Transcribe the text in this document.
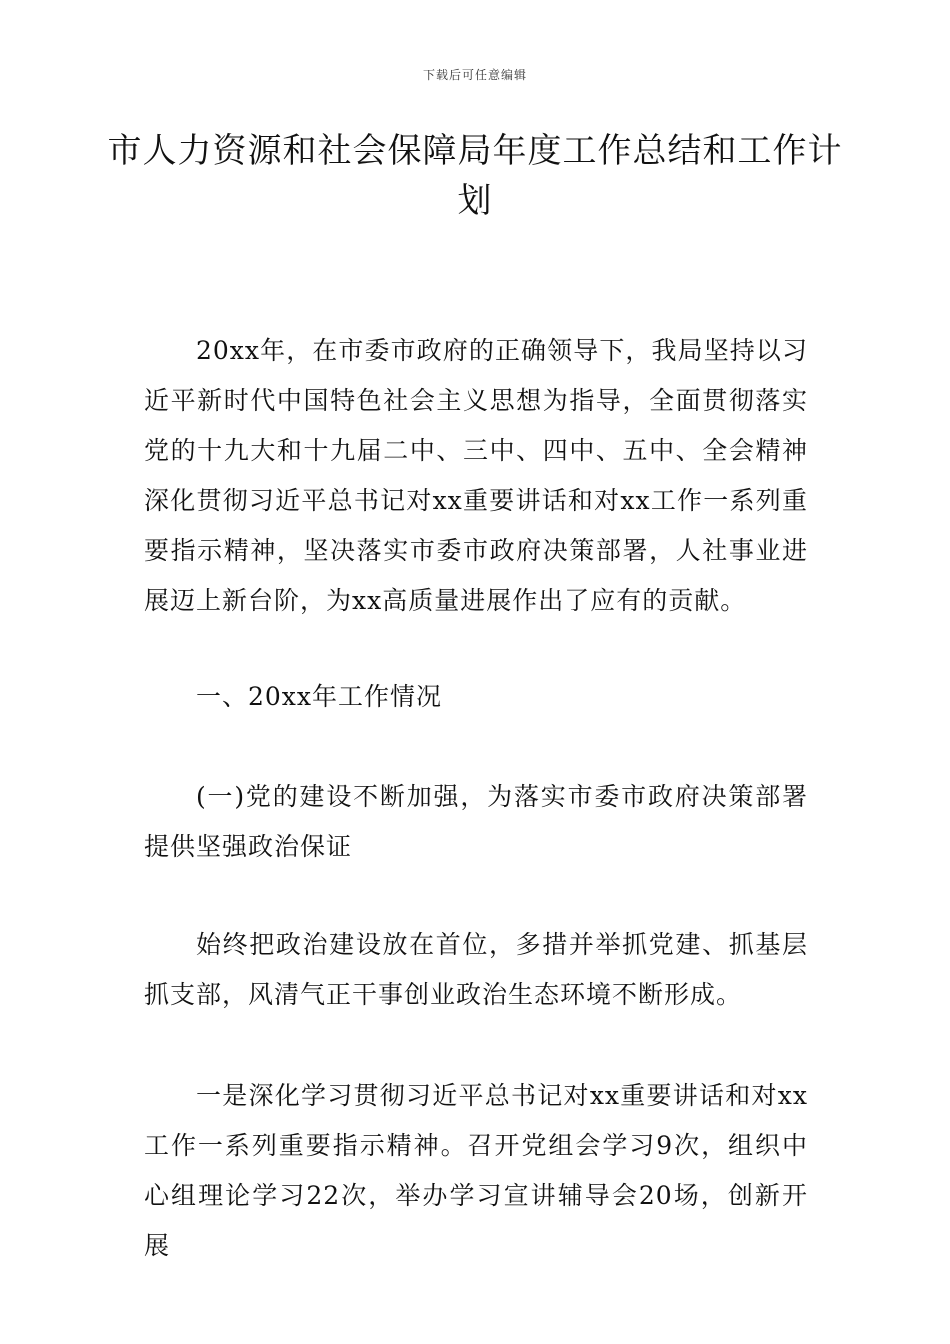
下载后可任意编辑
市人力资源和社会保障局年度工作总结和工作计划

20xx年，在市委市政府的正确领导下，我局坚持以习近平新时代中国特色社会主义思想为指导，全面贯彻落实党的十九大和十九届二中、三中、四中、五中、全会精神深化贯彻习近平总书记对xx重要讲话和对xx工作一系列重要指示精神，坚决落实市委市政府决策部署，人社事业进展迈上新台阶，为xx高质量进展作出了应有的贡献。

一、20xx年工作情况

(一)党的建设不断加强，为落实市委市政府决策部署提供坚强政治保证

始终把政治建设放在首位，多措并举抓党建、抓基层抓支部，风清气正干事创业政治生态环境不断形成。

一是深化学习贯彻习近平总书记对xx重要讲话和对xx工作一系列重要指示精神。召开党组会学习9次，组织中心组理论学习22次，举办学习宣讲辅导会20场，创新开展
